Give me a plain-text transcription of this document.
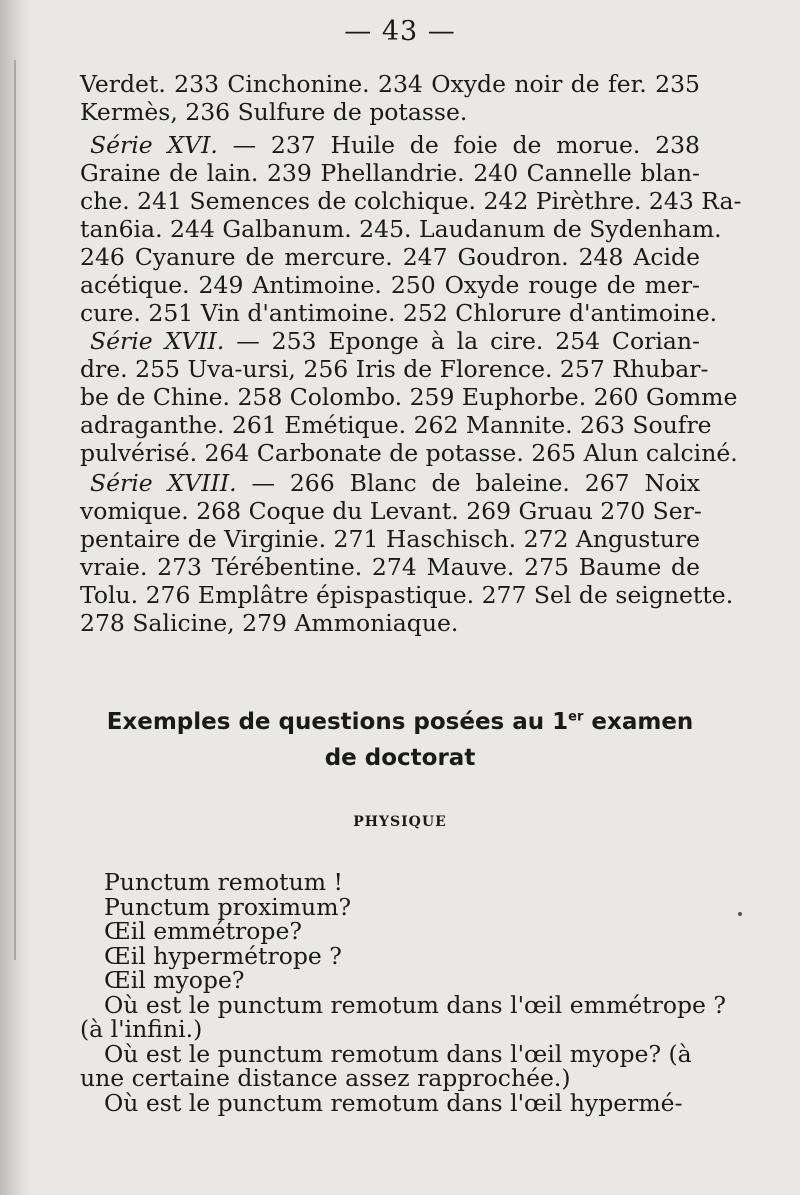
— 43 —
Verdet. 233 Cinchonine. 234 Oxyde noir de fer. 235
Kermès, 236 Sulfure de potasse.
Série XVI. — 237 Huile de foie de morue. 238
Graine de lain. 239 Phellandrie. 240 Cannelle blan-
che. 241 Semences de colchique. 242 Pirèthre. 243 Ra-
tan6ia. 244 Galbanum. 245. Laudanum de Sydenham.
246 Cyanure de mercure. 247 Goudron. 248 Acide
acétique. 249 Antimoine. 250 Oxyde rouge de mer-
cure. 251 Vin d'antimoine. 252 Chlorure d'antimoine.
Série XVII. — 253 Eponge à la cire. 254 Corian-
dre. 255 Uva-ursi, 256 Iris de Florence. 257 Rhubar-
be de Chine. 258 Colombo. 259 Euphorbe. 260 Gomme
adraganthe. 261 Emétique. 262 Mannite. 263 Soufre
pulvérisé. 264 Carbonate de potasse. 265 Alun calciné.
Série XVIII. — 266 Blanc de baleine. 267 Noix
vomique. 268 Coque du Levant. 269 Gruau 270 Ser-
pentaire de Virginie. 271 Haschisch. 272 Angusture
vraie. 273 Térébentine. 274 Mauve. 275 Baume de
Tolu. 276 Emplâtre épispastique. 277 Sel de seignette.
278 Salicine, 279 Ammoniaque.
Exemples de questions posées au 1er examen
de doctorat
PHYSIQUE
Punctum remotum !
Punctum proximum?
Œil emmétrope?
Œil hypermétrope ?
Œil myope?
Où est le punctum remotum dans l'œil emmétrope ?
(à l'infini.)
Où est le punctum remotum dans l'œil myope? (à
une certaine distance assez rapprochée.)
Où est le punctum remotum dans l'œil hypermé-
